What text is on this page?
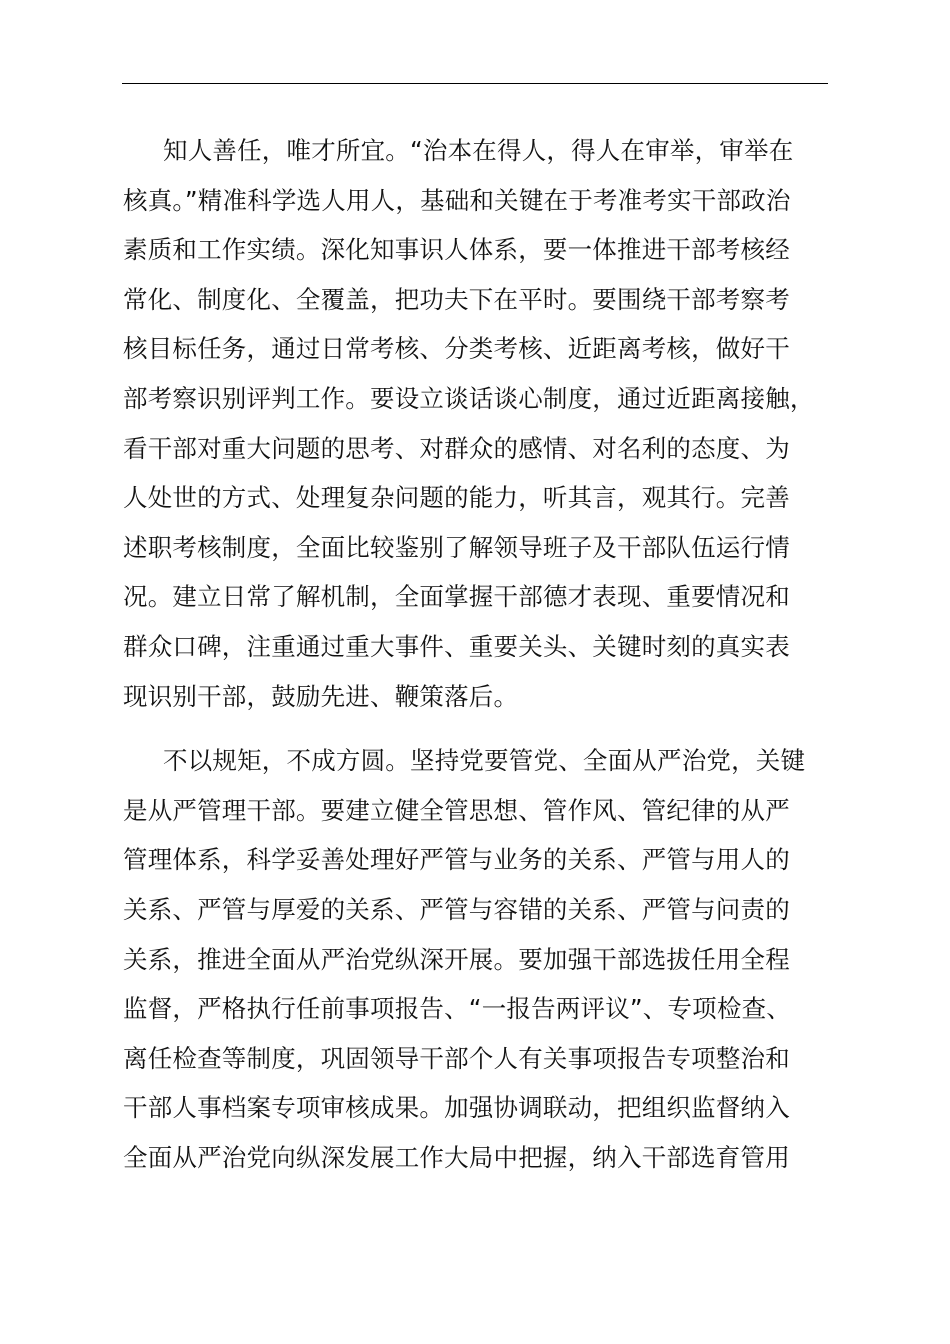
知人善任，唯才所宜。“治本在得人，得人在审举，审举在
核真。”精准科学选人用人，基础和关键在于考准考实干部政治
素质和工作实绩。深化知事识人体系，要一体推进干部考核经
常化、制度化、全覆盖，把功夫下在平时。要围绕干部考察考
核目标任务，通过日常考核、分类考核、近距离考核，做好干
部考察识别评判工作。要设立谈话谈心制度，通过近距离接触，
看干部对重大问题的思考、对群众的感情、对名利的态度、为
人处世的方式、处理复杂问题的能力，听其言，观其行。完善
述职考核制度，全面比较鉴别了解领导班子及干部队伍运行情
况。建立日常了解机制，全面掌握干部德才表现、重要情况和
群众口碑，注重通过重大事件、重要关头、关键时刻的真实表
现识别干部，鼓励先进、鞭策落后。
不以规矩，不成方圆。坚持党要管党、全面从严治党，关键
是从严管理干部。要建立健全管思想、管作风、管纪律的从严
管理体系，科学妥善处理好严管与业务的关系、严管与用人的
关系、严管与厚爱的关系、严管与容错的关系、严管与问责的
关系，推进全面从严治党纵深开展。要加强干部选拔任用全程
监督，严格执行任前事项报告、“一报告两评议”、专项检查、
离任检查等制度，巩固领导干部个人有关事项报告专项整治和
干部人事档案专项审核成果。加强协调联动，把组织监督纳入
全面从严治党向纵深发展工作大局中把握，纳入干部选育管用
